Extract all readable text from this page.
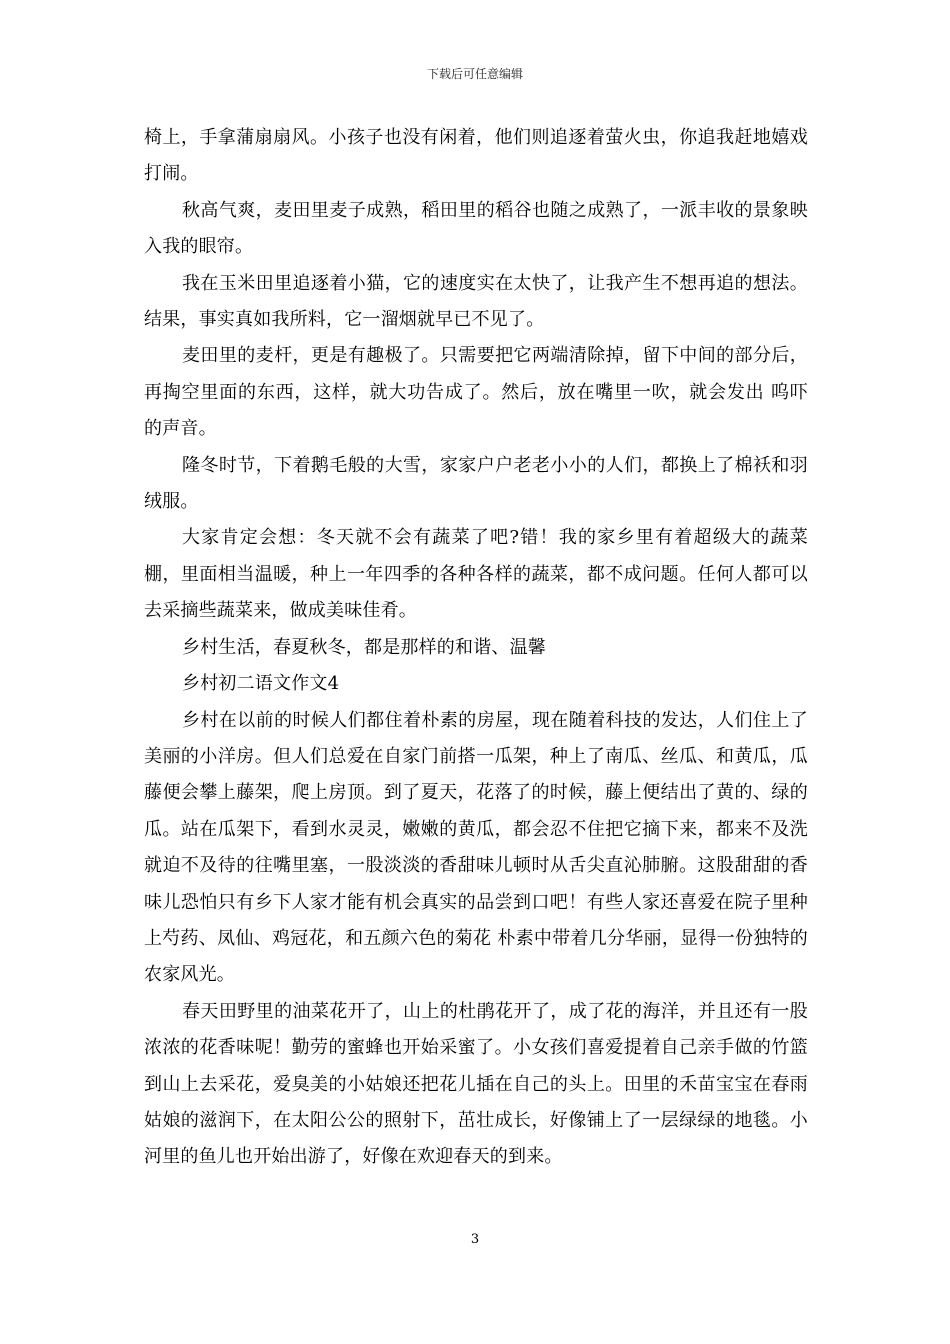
下载后可任意编辑

椅上，手拿蒲扇扇风。小孩子也没有闲着，他们则追逐着萤火虫，你追我赶地嬉戏打闹。

秋高气爽，麦田里麦子成熟，稻田里的稻谷也随之成熟了，一派丰收的景象映入我的眼帘。

我在玉米田里追逐着小猫，它的速度实在太快了，让我产生不想再追的想法。结果，事实真如我所料，它一溜烟就早已不见了。

麦田里的麦杆，更是有趣极了。只需要把它两端清除掉，留下中间的部分后，再掏空里面的东西，这样，就大功告成了。然后，放在嘴里一吹，就会发出 呜吓 的声音。

隆冬时节，下着鹅毛般的大雪，家家户户老老小小的人们，都换上了棉袄和羽绒服。

大家肯定会想：冬天就不会有蔬菜了吧?错！我的家乡里有着超级大的蔬菜棚，里面相当温暖，种上一年四季的各种各样的蔬菜，都不成问题。任何人都可以去采摘些蔬菜来，做成美味佳肴。

乡村生活，春夏秋冬，都是那样的和谐、温馨

乡村初二语文作文4

乡村在以前的时候人们都住着朴素的房屋，现在随着科技的发达，人们住上了美丽的小洋房。但人们总爱在自家门前搭一瓜架，种上了南瓜、丝瓜、和黄瓜，瓜藤便会攀上藤架，爬上房顶。到了夏天，花落了的时候，藤上便结出了黄的、绿的瓜。站在瓜架下，看到水灵灵，嫩嫩的黄瓜，都会忍不住把它摘下来，都来不及洗就迫不及待的往嘴里塞，一股淡淡的香甜味儿顿时从舌尖直沁肺腑。这股甜甜的香味儿恐怕只有乡下人家才能有机会真实的品尝到口吧！有些人家还喜爱在院子里种上芍药、凤仙、鸡冠花，和五颜六色的菊花 朴素中带着几分华丽，显得一份独特的农家风光。

春天田野里的油菜花开了，山上的杜鹃花开了，成了花的海洋，并且还有一股浓浓的花香味呢！勤劳的蜜蜂也开始采蜜了。小女孩们喜爱提着自己亲手做的竹篮到山上去采花，爱臭美的小姑娘还把花儿插在自己的头上。田里的禾苗宝宝在春雨姑娘的滋润下，在太阳公公的照射下，茁壮成长，好像铺上了一层绿绿的地毯。小河里的鱼儿也开始出游了，好像在欢迎春天的到来。

3
